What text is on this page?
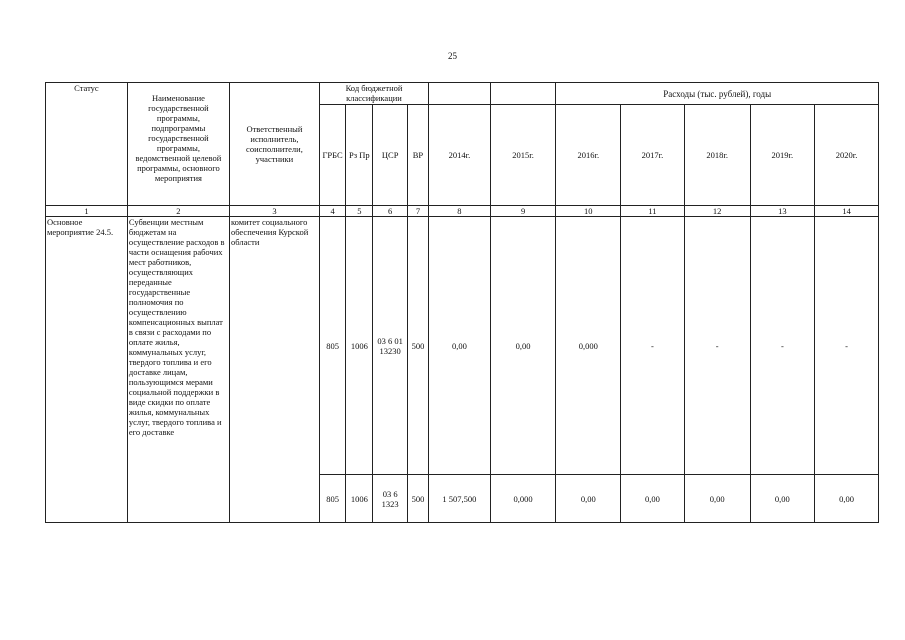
25
Статус	Наименование государственной программы, подпрограммы государственной программы, ведомственной целевой программы, основного мероприятия	Ответственный исполнитель, соисполнители, участники	Код бюджетной классификации						Расходы (тыс. рублей), годы				
			ГРБС	Рз Пр	ЦСР	ВР	2014г.	2015г.	2016г.	2017г.	2018г.	2019г.	2020г.
1	2	3	4	5	6	7	8	9	10	11	12	13	14
Основное мероприятие 24.5.	Субвенции местным бюджетам на осуществление расходов в части оснащения рабочих мест работников, осуществляющих переданные государственные полномочия по осуществлению компенсационных выплат в связи с расходами по оплате жилья, коммунальных услуг, твердого топлива и его доставке лицам, пользующимся мерами социальной поддержки в виде скидки по оплате жилья, коммунальных услуг, твердого топлива и его доставке	комитет социального обеспечения Курской области	805	1006	03 6 01 13230	500	0,00	0,00	0,000	-	-	-	-
			805	1006	03 6 1323	500	1 507,500	0,000	0,00	0,00	0,00	0,00	0,00
